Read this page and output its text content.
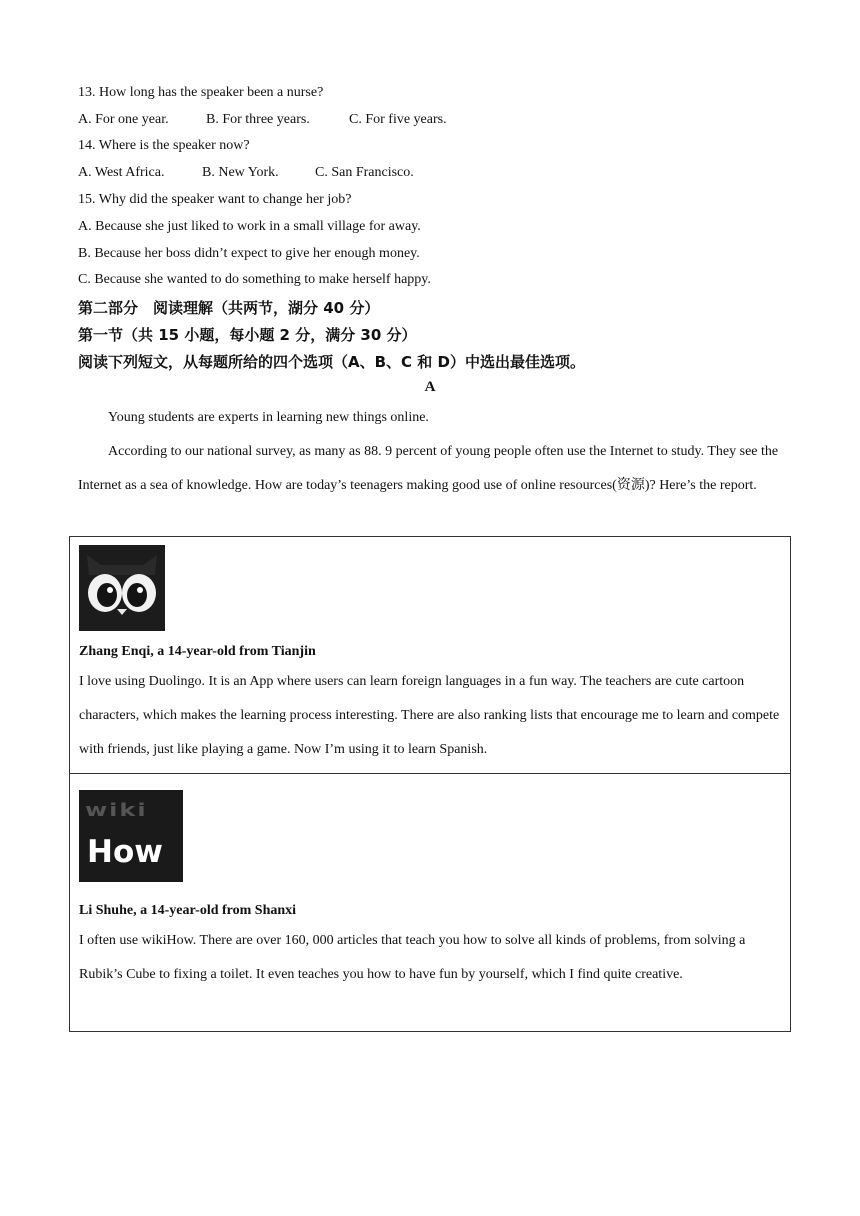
13. How long has the speaker been a nurse?
A. For one year.	B. For three years.	C. For five years.
14. Where is the speaker now?
A. West Africa.	B. New York.	C. San Francisco.
15. Why did the speaker want to change her job?
A. Because she just liked to work in a small village for away.
B. Because her boss didn’t expect to give her enough money.
C. Because she wanted to do something to make herself happy.
第二部分　阅读理解（共两节，湖分 40 分）
第一节（共 15 小题，每小题 2 分，满分 30 分）
阅读下列短文，从每题所给的四个选项（A、B、C 和 D）中选出最佳选项。
A
Young students are experts in learning new things online.
According to our national survey, as many as 88. 9 percent of young people often use the Internet to study. They see the Internet as a sea of knowledge. How are today’s teenagers making good use of online resources(资源)? Here’s the report.
Zhang Enqi, a 14-year-old from Tianjin
I love using Duolingo. It is an App where users can learn foreign languages in a fun way. The teachers are cute cartoon characters, which makes the learning process interesting. There are also ranking lists that encourage me to learn and compete with friends, just like playing a game. Now I’m using it to learn Spanish.

wiki
How
Li Shuhe, a 14-year-old from Shanxi
I often use wikiHow. There are over 160, 000 articles that teach you how to solve all kinds of problems, from solving a Rubik’s Cube to fixing a toilet. It even teaches you how to have fun by yourself, which I find quite creative.
